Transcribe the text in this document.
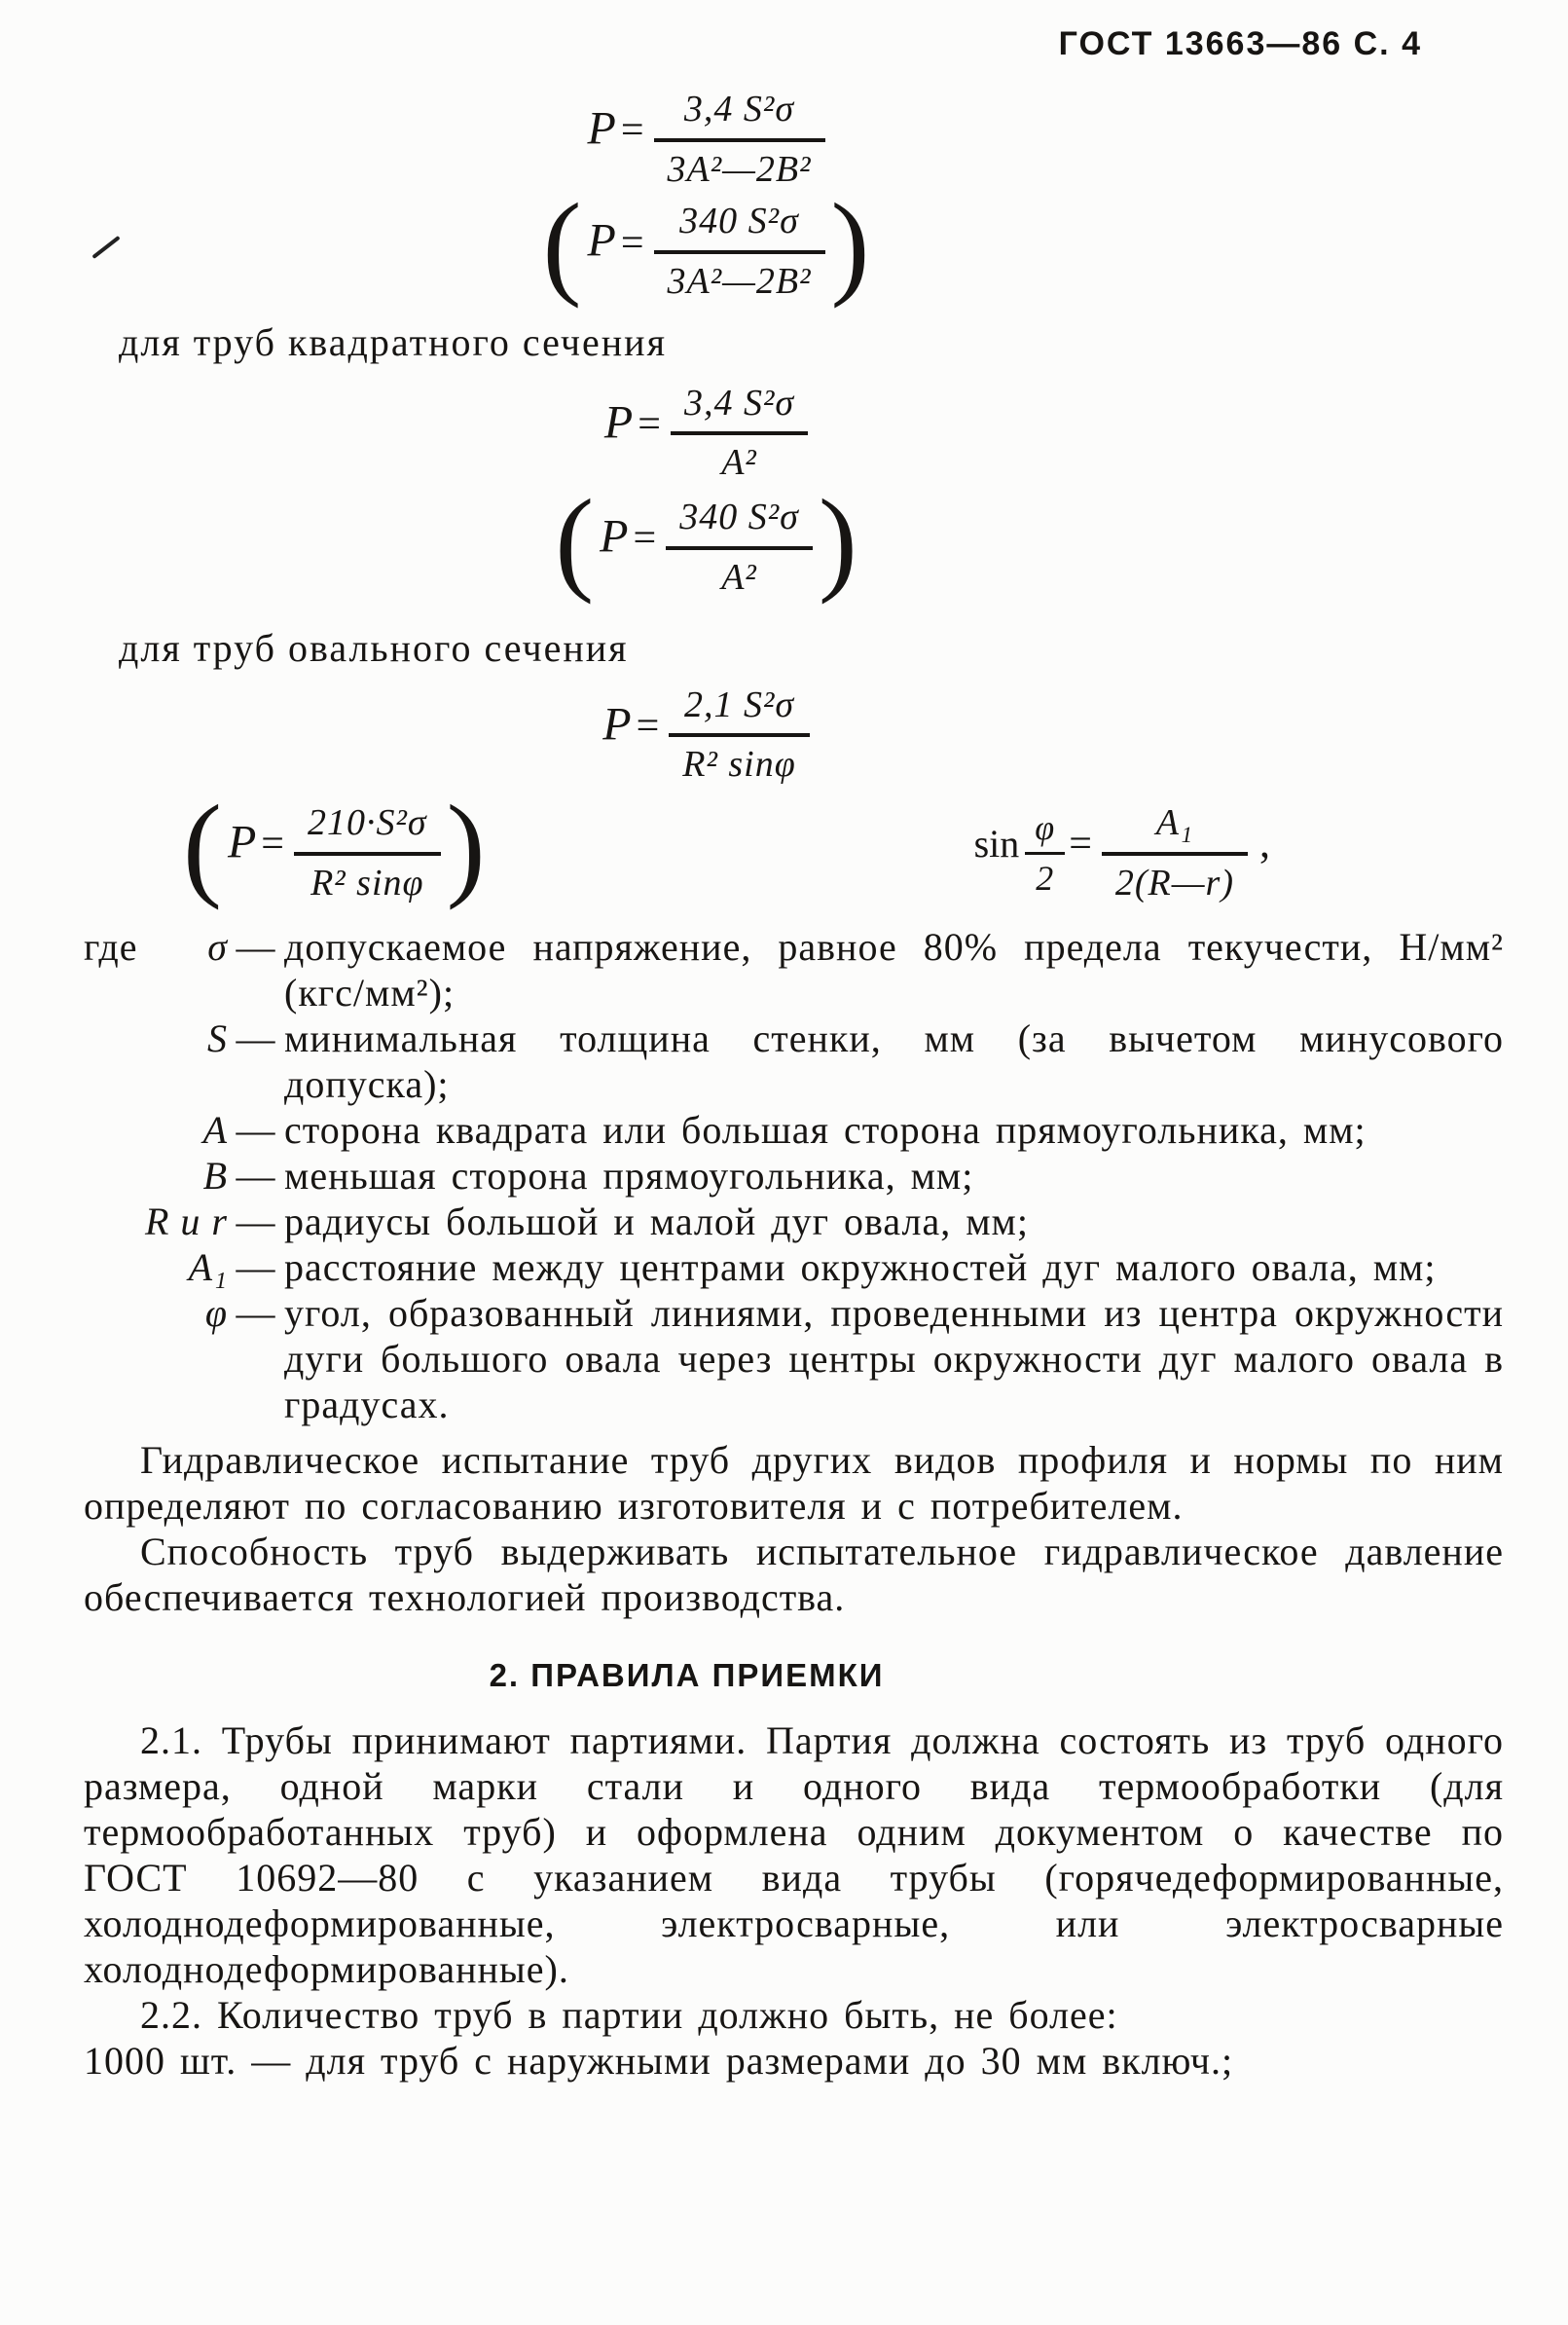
ГОСТ 13663—86 С. 4
$P= \frac{\text{3,4 S²σ}}{\text{3A²—2B²}}$
( $P= \frac{\text{340 S²σ}}{\text{3A²—2B²}}$ )
для труб квадратного сечения
$P= \frac{\text{3,4 S²σ}}{\text{A²}}$
( $P= \frac{\text{340 S²σ}}{\text{A²}}$ )
для труб овального сечения
$P= \frac{\text{2,1 S²σ}}{\text{R² sinφ}}$
( $P= \frac{\text{210·S²σ}}{\text{R² sinφ}}$ )	$\sin \frac{\varphi}{2} = \frac{\text{A₁}}{2(R—r)}$ ,
где	σ — допускаемое напряжение, равное 80% предела текучести, Н/мм² (кгс/мм²);
S — минимальная толщина стенки, мм (за вычетом минусового допуска);
А — сторона квадрата или большая сторона прямоугольника, мм;
В — меньшая сторона прямоугольника, мм;
R и r — радиусы большой и малой дуг овала, мм;
А₁ — расстояние между центрами окружностей дуг малого овала, мм;
φ — угол, образованный линиями, проведенными из центра окружности дуги большого овала через центры окружности дуг малого овала в градусах.

Гидравлическое испытание труб других видов профиля и нормы по ним определяют по согласованию изготовителя и с потребителем.

Способность труб выдерживать испытательное гидравлическое давление обеспечивается технологией производства.

2. ПРАВИЛА ПРИЕМКИ

2.1. Трубы принимают партиями. Партия должна состоять из труб одного размера, одной марки стали и одного вида термообработки (для термообработанных труб) и оформлена одним документом о качестве по ГОСТ 10692—80 с указанием вида трубы (горячедеформированные, холоднодеформированные, электросварные, или электросварные холоднодеформированные).

2.2. Количество труб в партии должно быть, не более:

1000 шт. — для труб с наружными размерами до 30 мм включ.;
